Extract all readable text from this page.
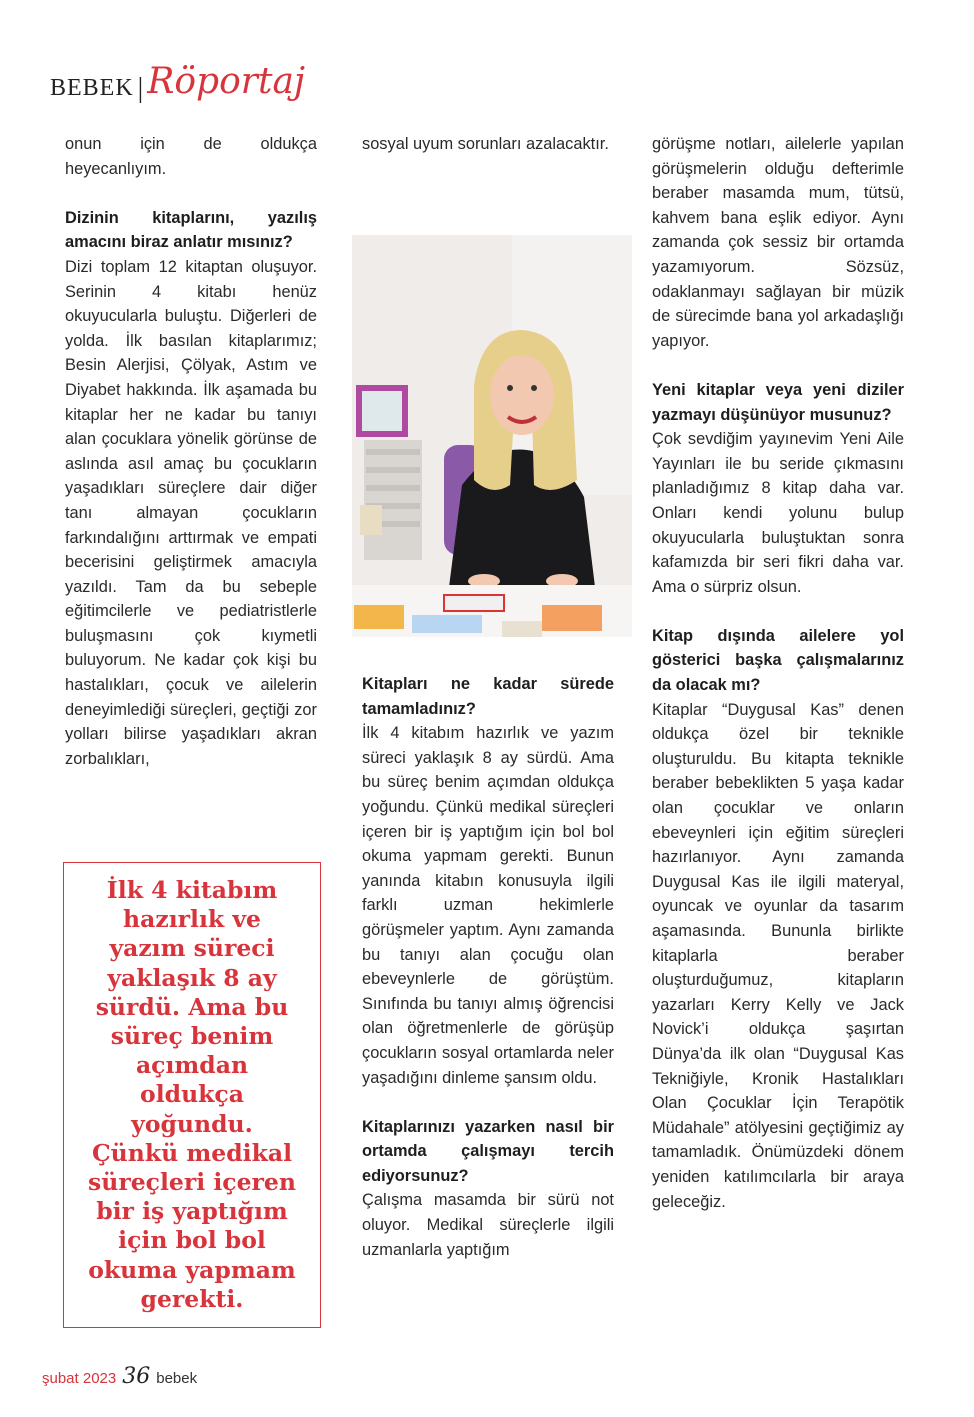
BEBEK | Röportaj

onun için de oldukça heyecanlıyım.

Dizinin kitaplarını, yazılış amacını biraz anlatır mısınız?

Dizi toplam 12 kitaptan oluşuyor. Serinin 4 kitabı henüz okuyucularla buluştu. Diğerleri de yolda. İlk basılan kitaplarımız; Besin Alerjisi, Çölyak, Astım ve Diyabet hakkında. İlk aşamada bu kitaplar her ne kadar bu tanıyı alan çocuklara yönelik görünse de aslında asıl amaç bu çocukların yaşadıkları süreçlere dair diğer tanı almayan çocukların farkındalığını arttırmak ve empati becerisini geliştirmek amacıyla yazıldı. Tam da bu sebeple eğitimcilerle ve pediatristlerle buluşmasını çok kıymetli buluyorum. Ne kadar çok kişi bu hastalıkları, çocuk ve ailelerin deneyimlediği süreçleri, geçtiği zor yolları bilirse yaşadıkları akran zorbalıkları,

sosyal uyum sorunları azalacaktır.

Kitapları ne kadar sürede tamamladınız?

İlk 4 kitabım hazırlık ve yazım süreci yaklaşık 8 ay sürdü. Ama bu süreç benim açımdan oldukça yoğundu. Çünkü medikal süreçleri içeren bir iş yaptığım için bol bol okuma yapmam gerekti. Bunun yanında kitabın konusuyla ilgili farklı uzman hekimlerle görüşmeler yaptım. Aynı zamanda bu tanıyı alan çocuğu olan ebeveynlerle de görüştüm. Sınıfında bu tanıyı almış öğrencisi olan öğretmenlerle de görüşüp çocukların sosyal ortamlarda neler yaşadığını dinleme şansım oldu.

Kitaplarınızı yazarken nasıl bir ortamda çalışmayı tercih ediyorsunuz?

Çalışma masamda bir sürü not oluyor. Medikal süreçlerle ilgili uzmanlarla yaptığım

görüşme notları, ailelerle yapılan görüşmelerin olduğu defterimle beraber masamda mum, tütsü, kahvem bana eşlik ediyor. Aynı zamanda çok sessiz bir ortamda yazamıyorum. Sözsüz, odaklanmayı sağlayan bir müzik de sürecimde bana yol arkadaşlığı yapıyor.

Yeni kitaplar veya yeni diziler yazmayı düşünüyor musunuz?

Çok sevdiğim yayınevim Yeni Aile Yayınları ile bu seride çıkmasını planladığımız 8 kitap daha var. Onları kendi yolunu bulup okuyucularla buluştuktan sonra kafamızda bir seri fikri daha var. Ama o sürpriz olsun.

Kitap dışında ailelere yol gösterici başka çalışmalarınız da olacak mı?

Kitaplar “Duygusal Kas” denen oldukça özel bir teknikle oluşturuldu. Bu kitapta teknikle beraber bebeklikten 5 yaşa kadar olan çocuklar ve onların ebeveynleri için eğitim süreçleri hazırlanıyor. Aynı zamanda Duygusal Kas ile ilgili materyal, oyuncak ve oyunlar da tasarım aşamasında. Bununla birlikte kitaplarla beraber oluşturduğumuz, kitapların yazarları Kerry Kelly ve Jack Novick’i oldukça şaşırtan Dünya’da ilk olan “Duygusal Kas Tekniğiyle, Kronik Hastalıkları Olan Çocuklar İçin Terapötik Müdahale” atölyesini geçtiğimiz ay tamamladık. Önümüzdeki dönem yeniden katılımcılarla bir araya geleceğiz.

İlk 4 kitabım hazırlık ve yazım süreci yaklaşık 8 ay sürdü. Ama bu süreç benim açımdan oldukça yoğundu. Çünkü medikal süreçleri içeren bir iş yaptığım için bol bol okuma yapmam gerekti.

şubat 2023 36 bebek
